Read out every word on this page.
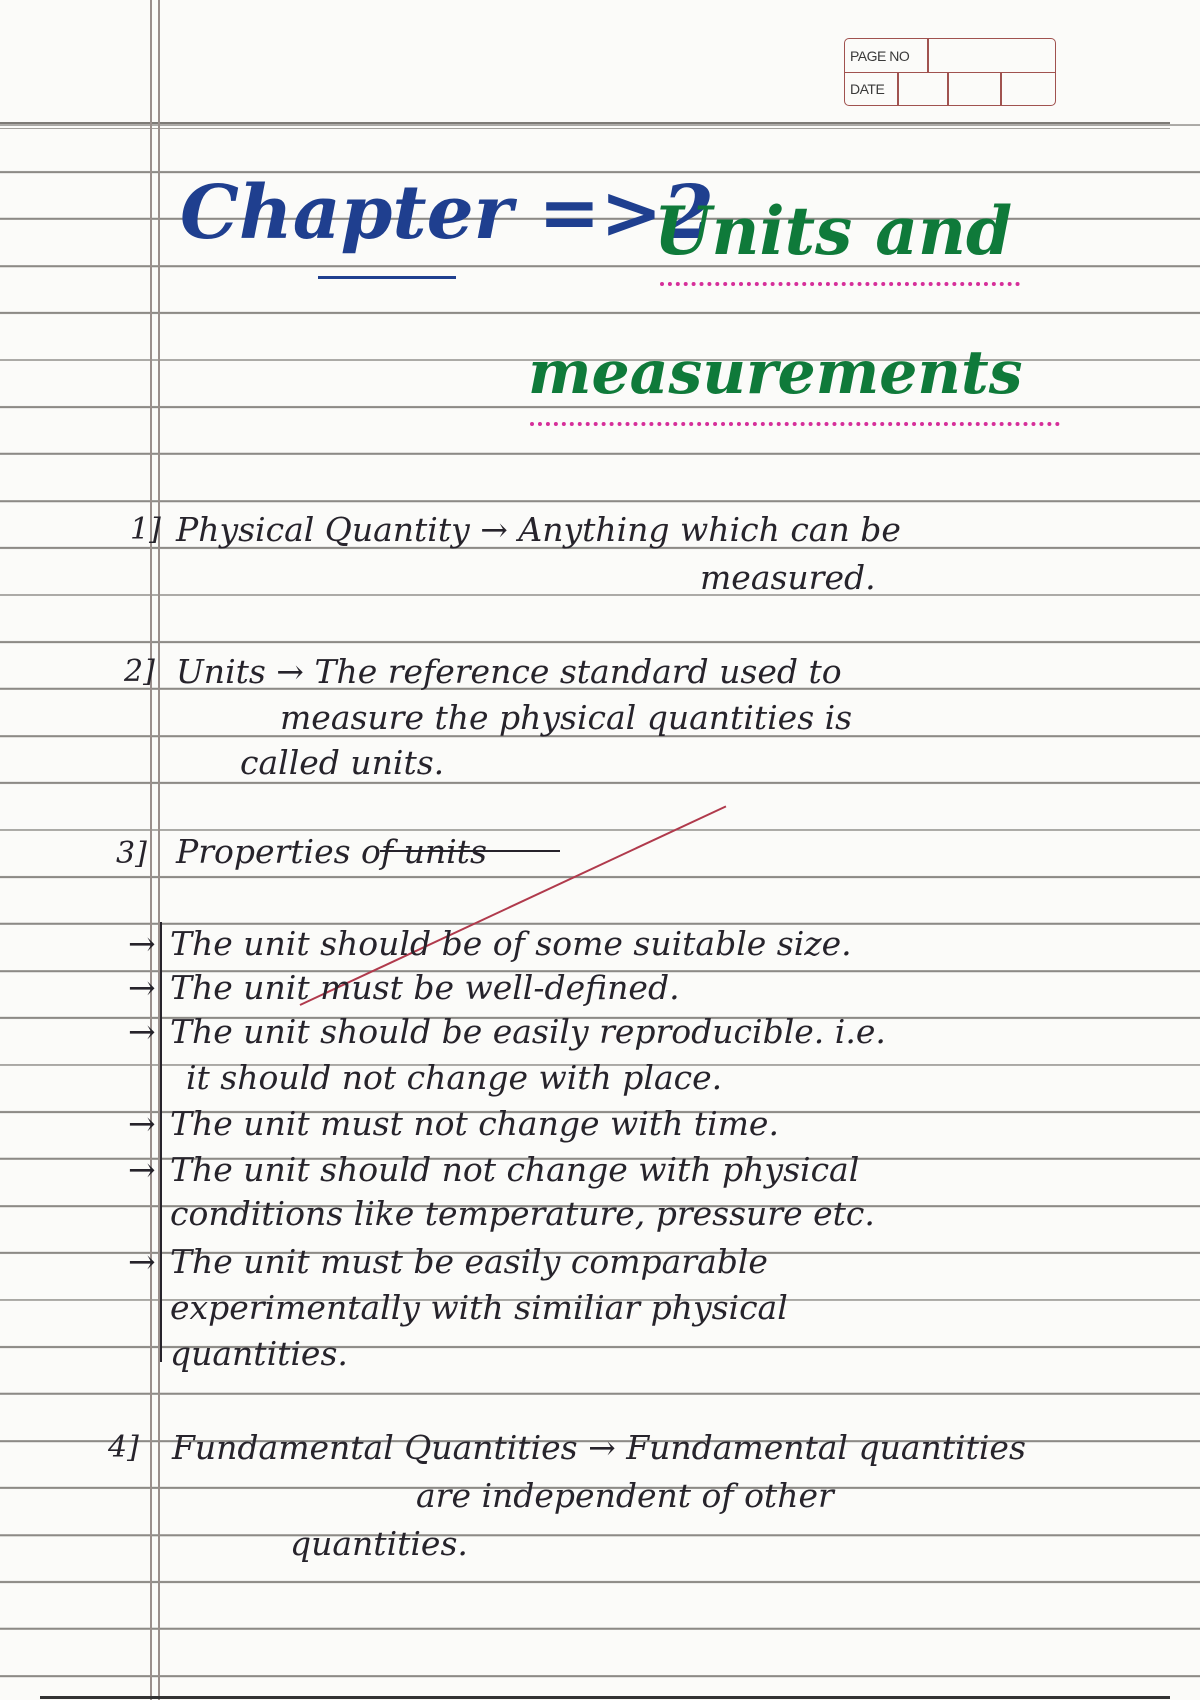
PAGE NO
DATE
Chapter =>2
Units and
measurements
1] Physical Quantity → Anything which can be
measured.
2] Units → The reference standard used to
measure the physical quantities is
called units.
3] Properties of units
→ The unit should be of some suitable size.
→ The unit must be well-defined.
→ The unit should be easily reproducible. i.e.
it should not change with place.
→ The unit must not change with time.
→ The unit should not change with physical
conditions like temperature, pressure etc.
→ The unit must be easily comparable
experimentally with similiar physical
quantities.
4] Fundamental Quantities → Fundamental quantities
are independent of other
quantities.
